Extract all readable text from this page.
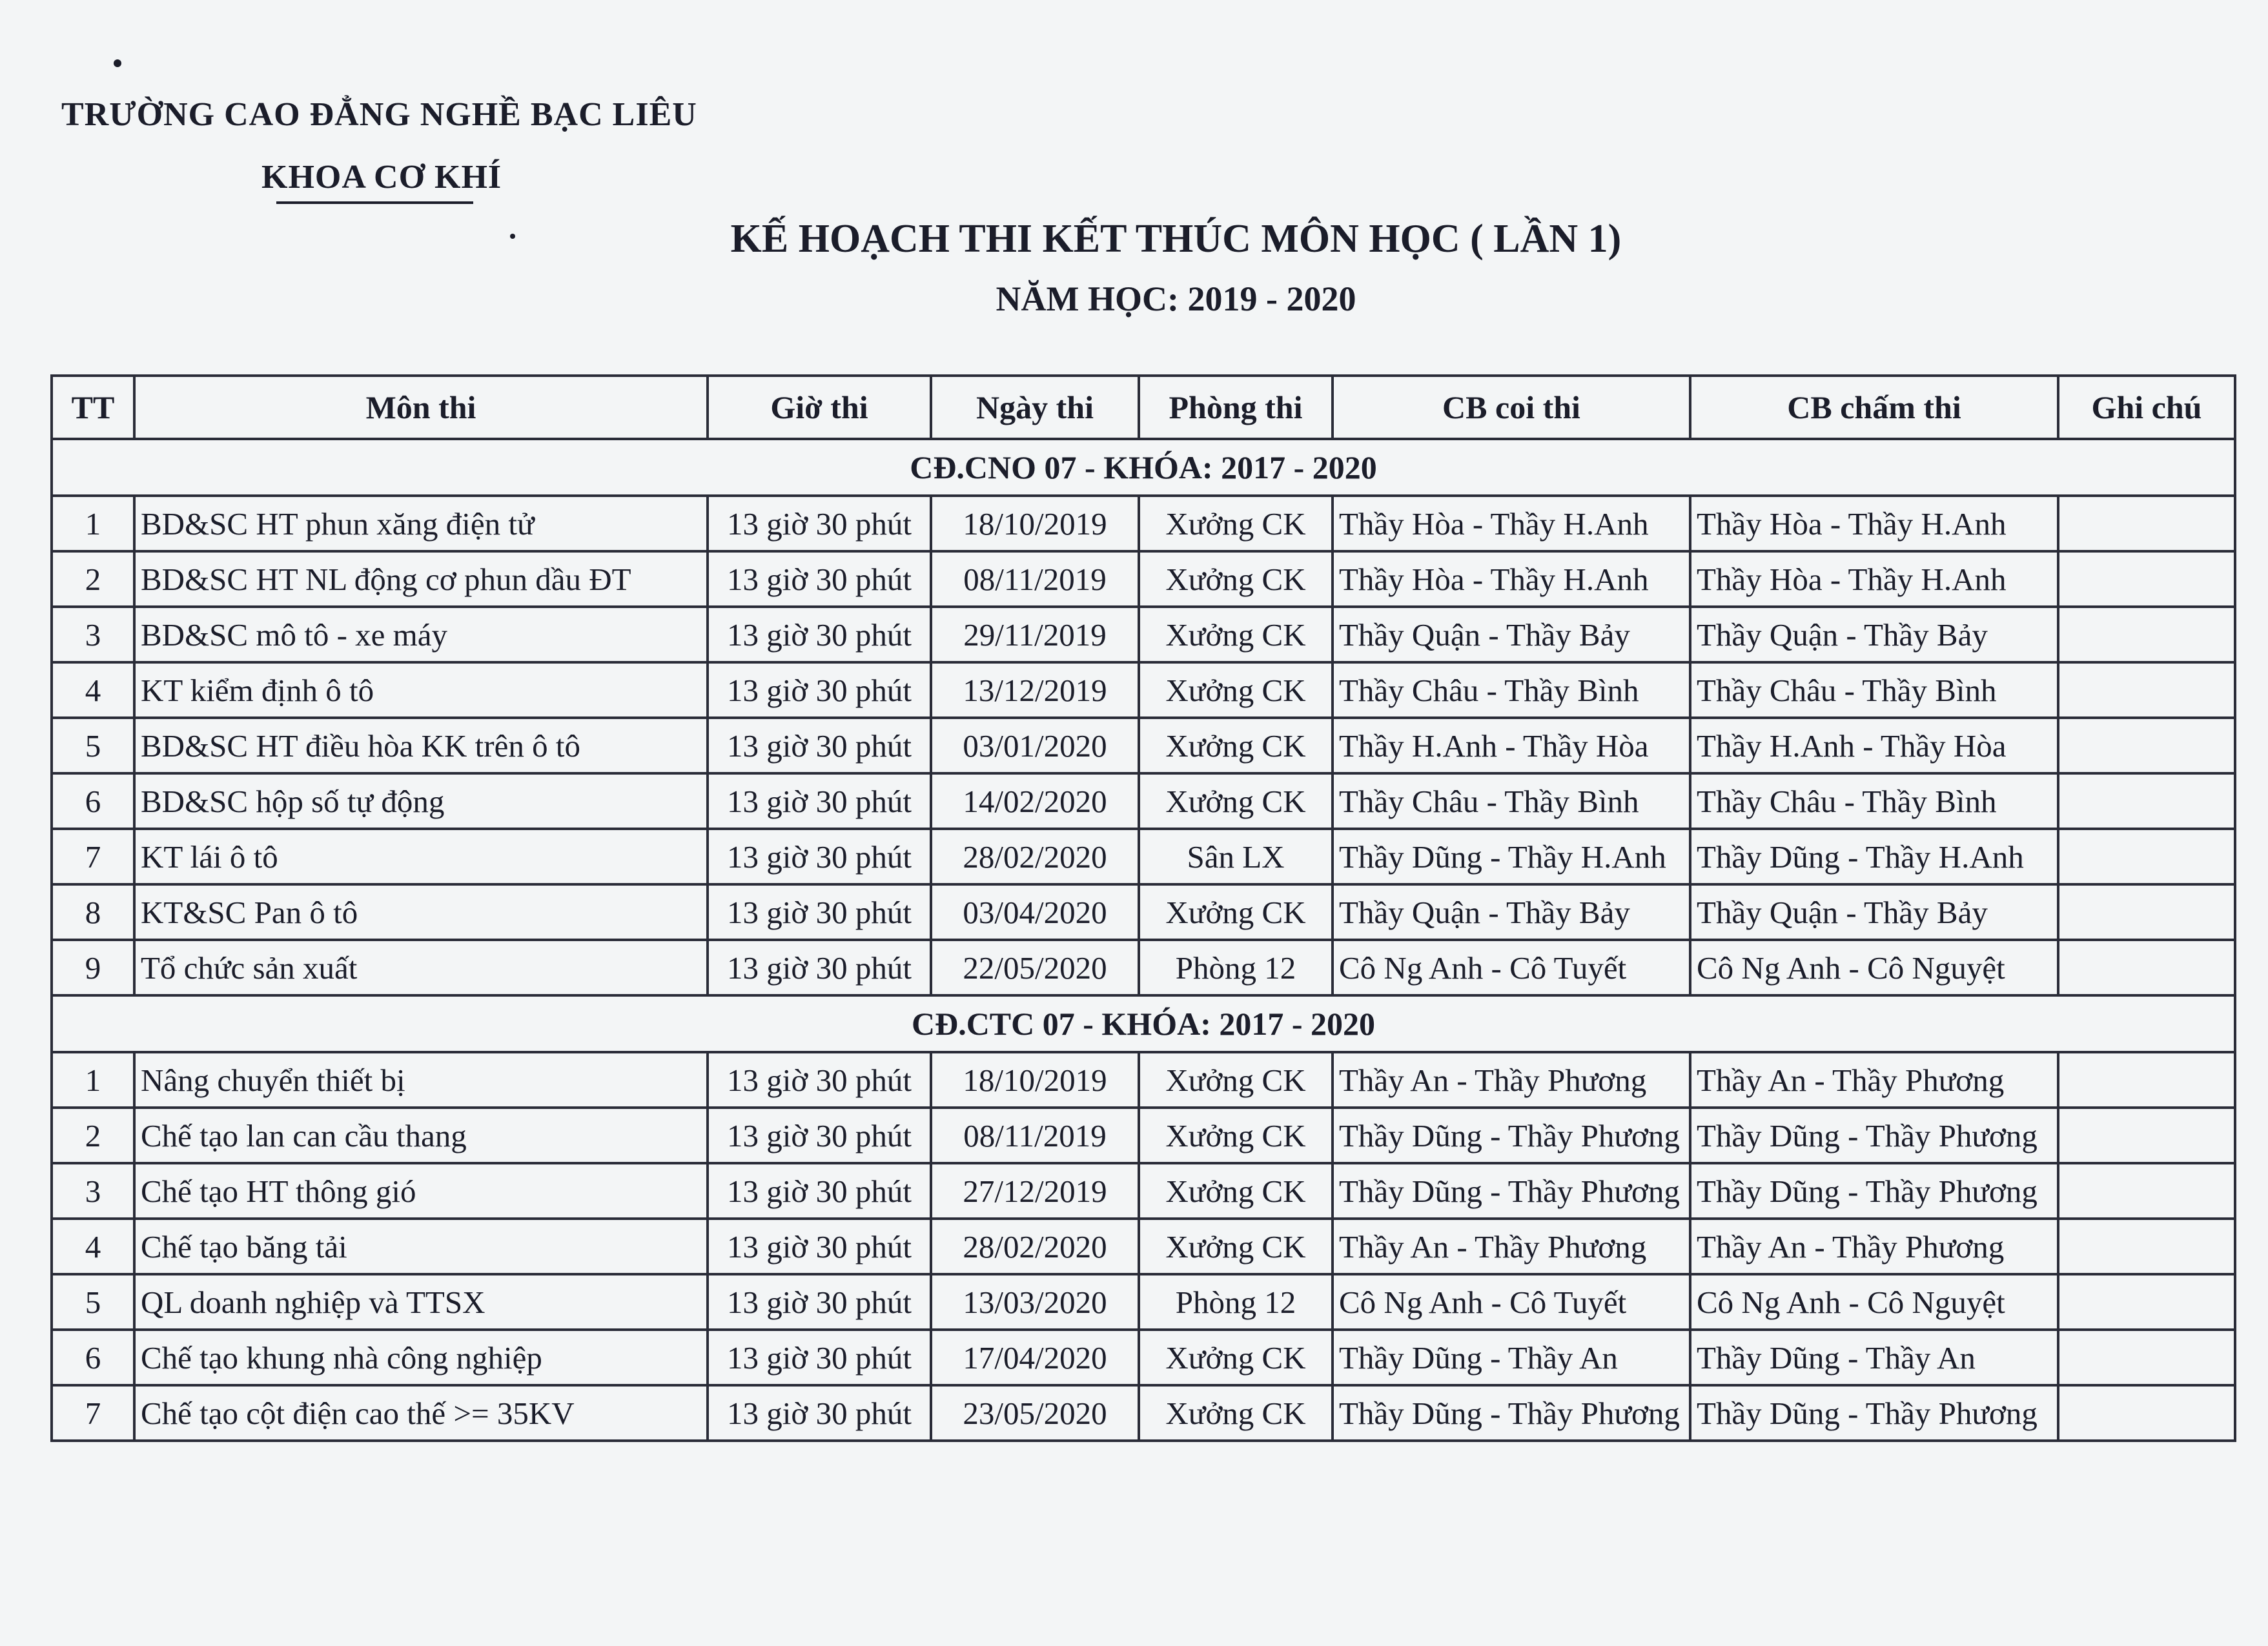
TRƯỜNG CAO ĐẲNG NGHỀ BẠC LIÊU
KHOA CƠ KHÍ
KẾ HOẠCH THI KẾT THÚC MÔN HỌC ( LẦN 1)
NĂM HỌC: 2019 - 2020
TT	Môn thi	Giờ thi	Ngày thi	Phòng thi	CB coi thi	CB chấm thi	Ghi chú
CĐ.CNO 07 - KHÓA: 2017 - 2020							
1	BD&SC HT phun xăng điện tử	13 giờ 30 phút	18/10/2019	Xưởng CK	Thầy Hòa - Thầy H.Anh	Thầy Hòa - Thầy H.Anh	
2	BD&SC HT NL động cơ phun dầu ĐT	13 giờ 30 phút	08/11/2019	Xưởng CK	Thầy Hòa - Thầy H.Anh	Thầy Hòa - Thầy H.Anh	
3	BD&SC mô tô - xe máy	13 giờ 30 phút	29/11/2019	Xưởng CK	Thầy Quận - Thầy Bảy	Thầy Quận - Thầy Bảy	
4	KT kiểm định ô tô	13 giờ 30 phút	13/12/2019	Xưởng CK	Thầy Châu - Thầy Bình	Thầy Châu - Thầy Bình	
5	BD&SC HT điều hòa KK trên ô tô	13 giờ 30 phút	03/01/2020	Xưởng CK	Thầy H.Anh - Thầy Hòa	Thầy H.Anh - Thầy Hòa	
6	BD&SC hộp số tự động	13 giờ 30 phút	14/02/2020	Xưởng CK	Thầy Châu - Thầy Bình	Thầy Châu - Thầy Bình	
7	KT lái ô tô	13 giờ 30 phút	28/02/2020	Sân LX	Thầy Dũng - Thầy H.Anh	Thầy Dũng - Thầy H.Anh	
8	KT&SC Pan ô tô	13 giờ 30 phút	03/04/2020	Xưởng CK	Thầy Quận - Thầy Bảy	Thầy Quận - Thầy Bảy	
9	Tổ chức sản xuất	13 giờ 30 phút	22/05/2020	Phòng 12	Cô Ng Anh - Cô Tuyết	Cô Ng Anh - Cô Nguyệt	
CĐ.CTC 07 - KHÓA: 2017 - 2020							
1	Nâng chuyển thiết bị	13 giờ 30 phút	18/10/2019	Xưởng CK	Thầy An - Thầy Phương	Thầy An - Thầy Phương	
2	Chế tạo lan can cầu thang	13 giờ 30 phút	08/11/2019	Xưởng CK	Thầy Dũng - Thầy Phương	Thầy Dũng - Thầy Phương	
3	Chế tạo HT thông gió	13 giờ 30 phút	27/12/2019	Xưởng CK	Thầy Dũng - Thầy Phương	Thầy Dũng - Thầy Phương	
4	Chế tạo băng tải	13 giờ 30 phút	28/02/2020	Xưởng CK	Thầy An - Thầy Phương	Thầy An - Thầy Phương	
5	QL doanh nghiệp và TTSX	13 giờ 30 phút	13/03/2020	Phòng 12	Cô Ng Anh - Cô Tuyết	Cô Ng Anh - Cô Nguyệt	
6	Chế tạo khung nhà công nghiệp	13 giờ 30 phút	17/04/2020	Xưởng CK	Thầy Dũng - Thầy An	Thầy Dũng - Thầy An	
7	Chế tạo cột điện cao thế >= 35KV	13 giờ 30 phút	23/05/2020	Xưởng CK	Thầy Dũng - Thầy Phương	Thầy Dũng - Thầy Phương	
